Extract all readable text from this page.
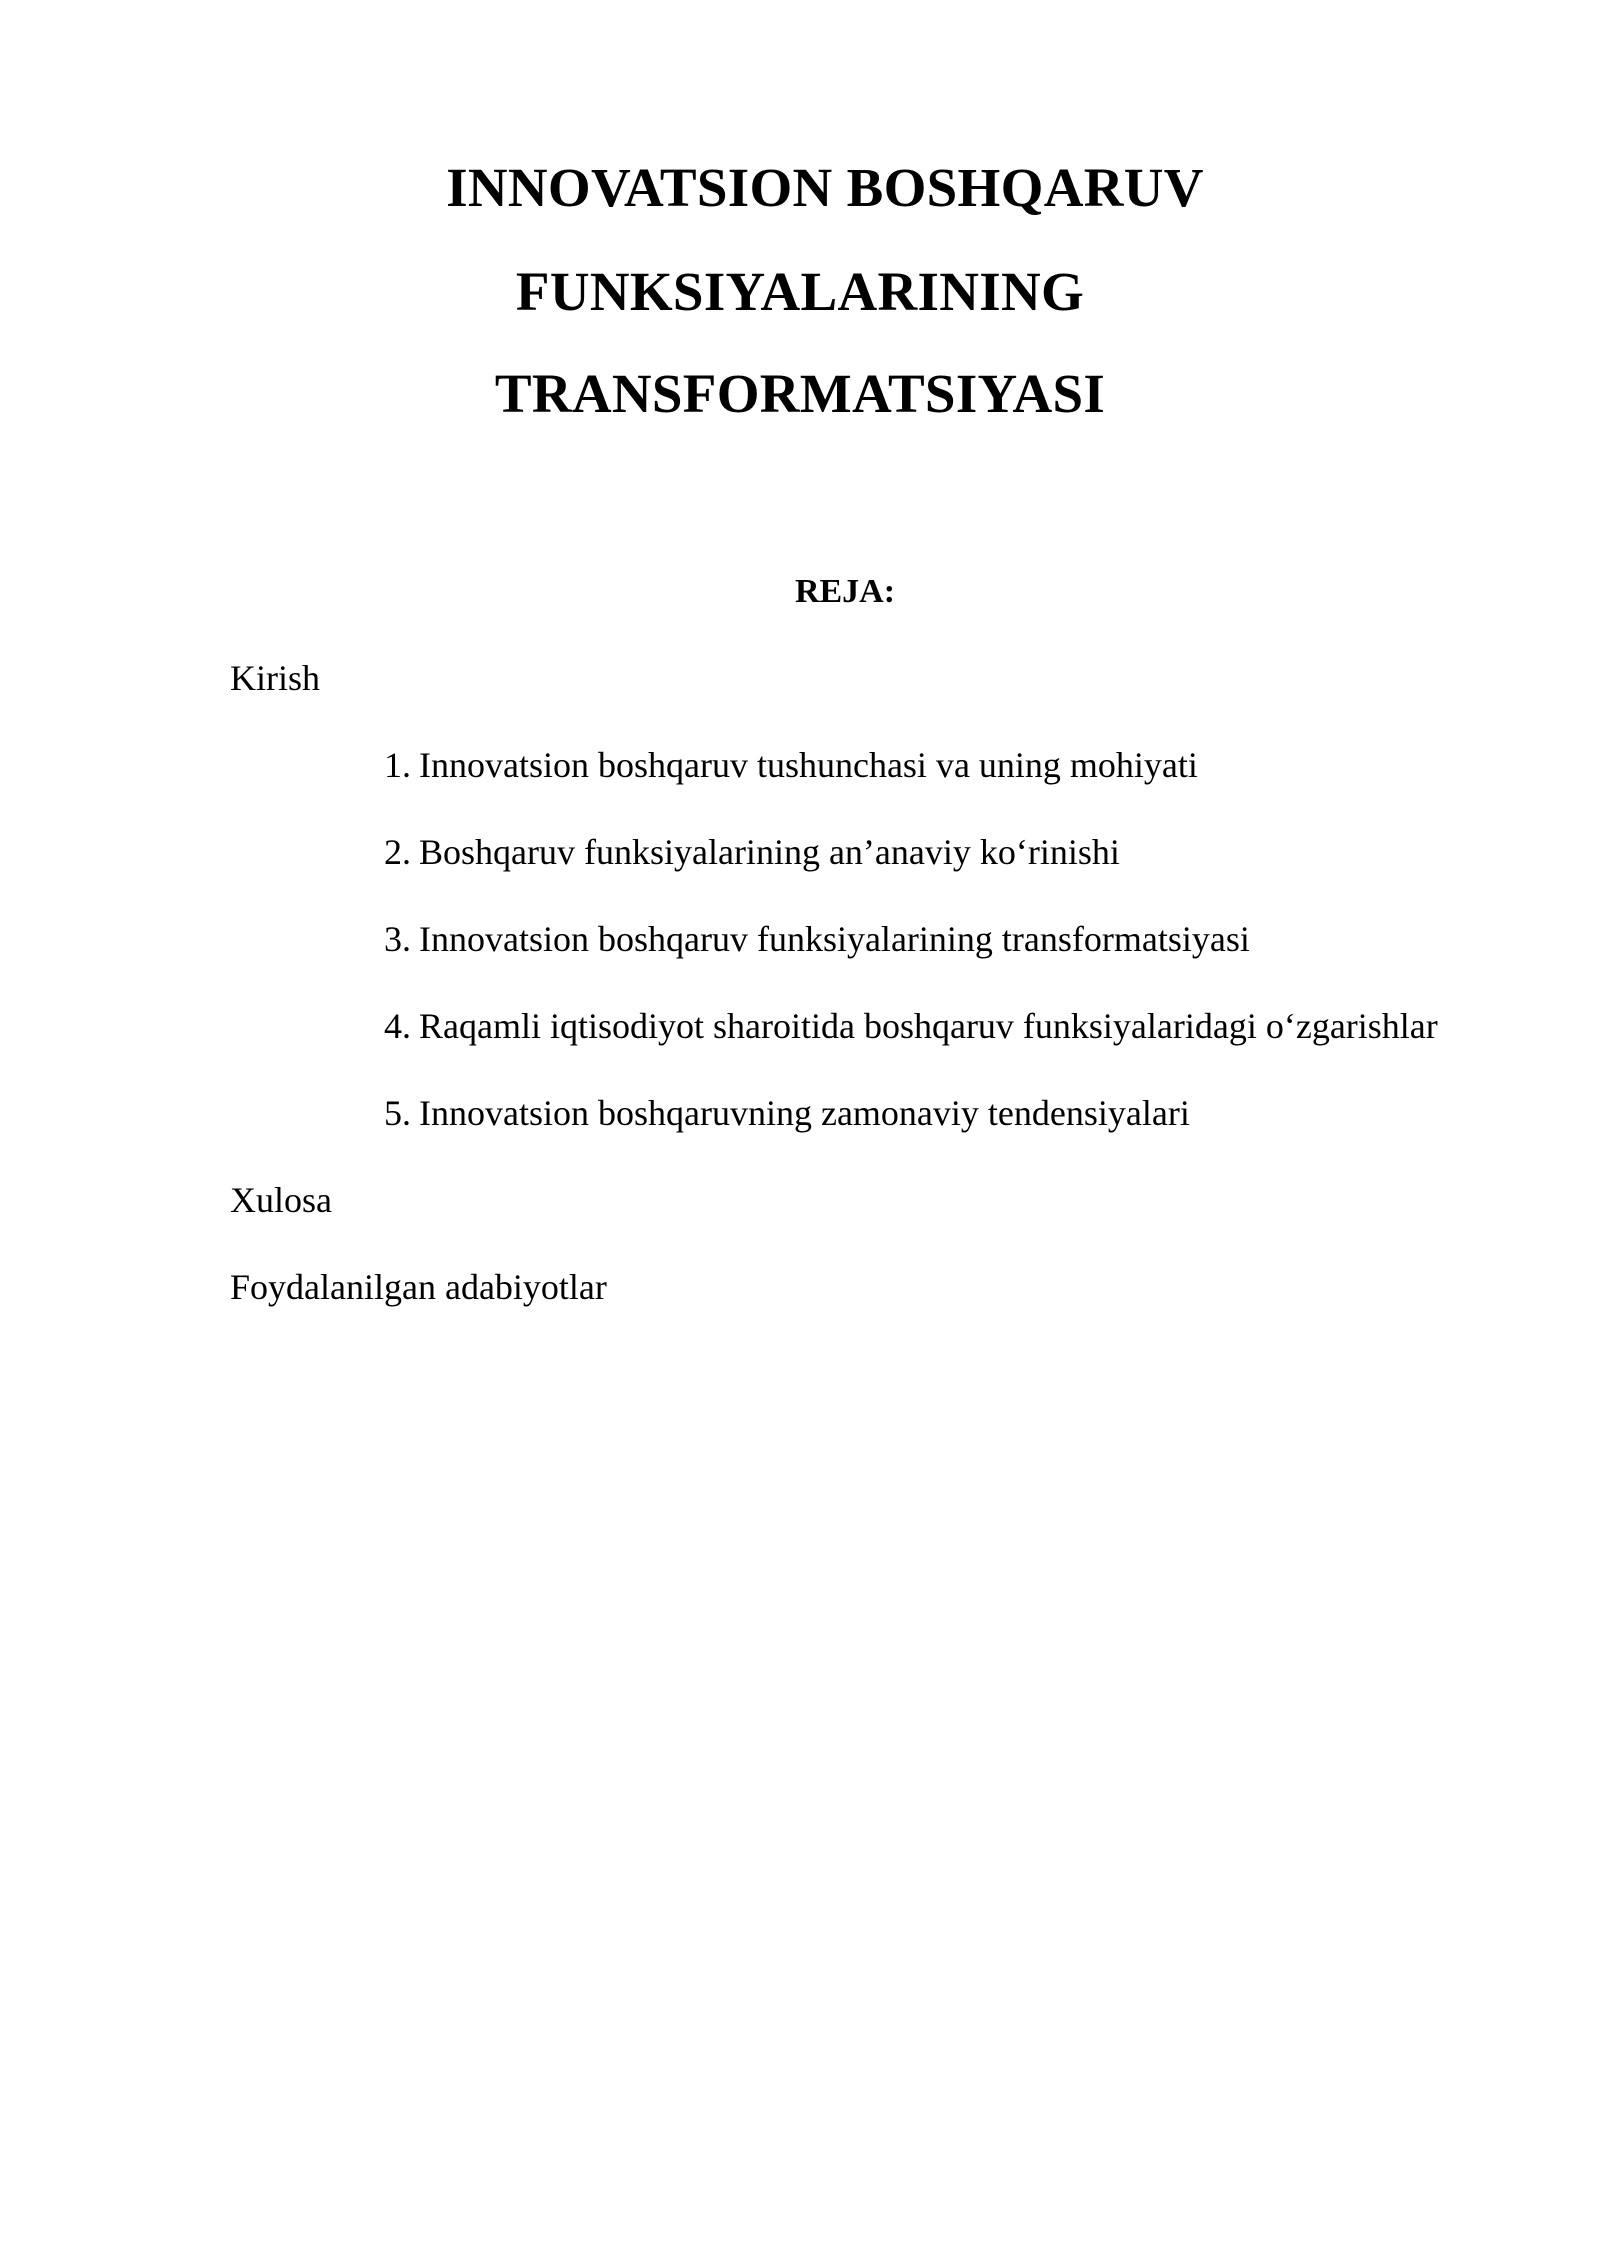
INNOVATSION BOSHQARUV
FUNKSIYALARINING
TRANSFORMATSIYASI
REJA:
Kirish
1. Innovatsion boshqaruv tushunchasi va uning mohiyati
2. Boshqaruv funksiyalarining an’anaviy ko‘rinishi
3. Innovatsion boshqaruv funksiyalarining transformatsiyasi
4. Raqamli iqtisodiyot sharoitida boshqaruv funksiyalaridagi o‘zgarishlar
5. Innovatsion boshqaruvning zamonaviy tendensiyalari
Xulosa
Foydalanilgan adabiyotlar
